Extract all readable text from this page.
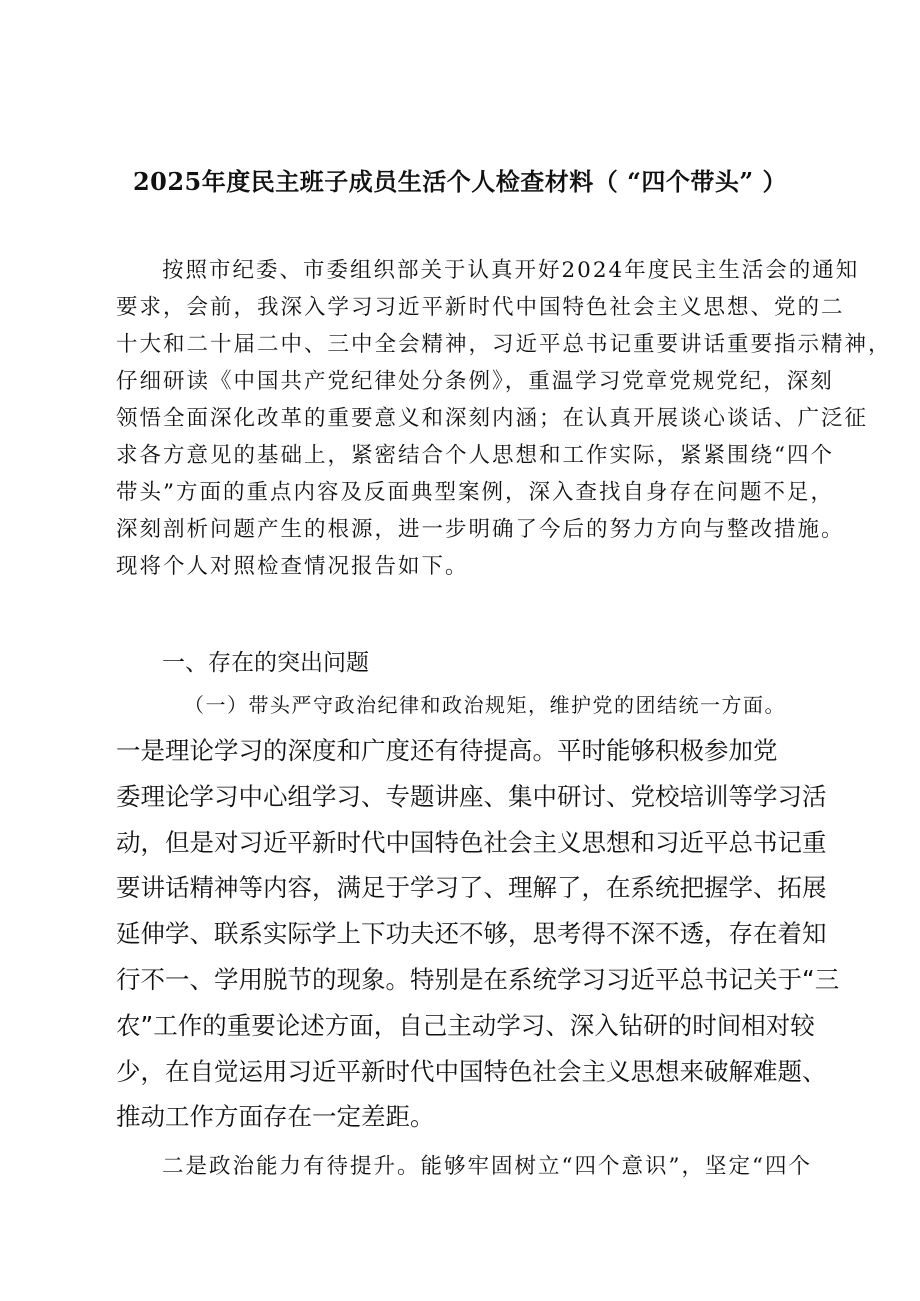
2025年度民主班子成员生活个人检查材料（ “四个带头” ）
按照市纪委、市委组织部关于认真开好2024年度民主生活会的通知
要求，会前，我深入学习习近平新时代中国特色社会主义思想、党的二
十大和二十届二中、三中全会精神，习近平总书记重要讲话重要指示精神，
仔细研读《中国共产党纪律处分条例》，重温学习党章党规党纪，深刻
领悟全面深化改革的重要意义和深刻内涵；在认真开展谈心谈话、广泛征
求各方意见的基础上，紧密结合个人思想和工作实际，紧紧围绕“四个
带头”方面的重点内容及反面典型案例，深入查找自身存在问题不足，
深刻剖析问题产生的根源，进一步明确了今后的努力方向与整改措施。
现将个人对照检查情况报告如下。
一、存在的突出问题
（一）带头严守政治纪律和政治规矩，维护党的团结统一方面。
一是理论学习的深度和广度还有待提高。平时能够积极参加党
委理论学习中心组学习、专题讲座、集中研讨、党校培训等学习活
动，但是对习近平新时代中国特色社会主义思想和习近平总书记重
要讲话精神等内容，满足于学习了、理解了，在系统把握学、拓展
延伸学、联系实际学上下功夫还不够，思考得不深不透，存在着知
行不一、学用脱节的现象。特别是在系统学习习近平总书记关于“三
农”工作的重要论述方面，自己主动学习、深入钻研的时间相对较
少，在自觉运用习近平新时代中国特色社会主义思想来破解难题、
推动工作方面存在一定差距。
二是政治能力有待提升。能够牢固树立“四个意识”，坚定“四个
